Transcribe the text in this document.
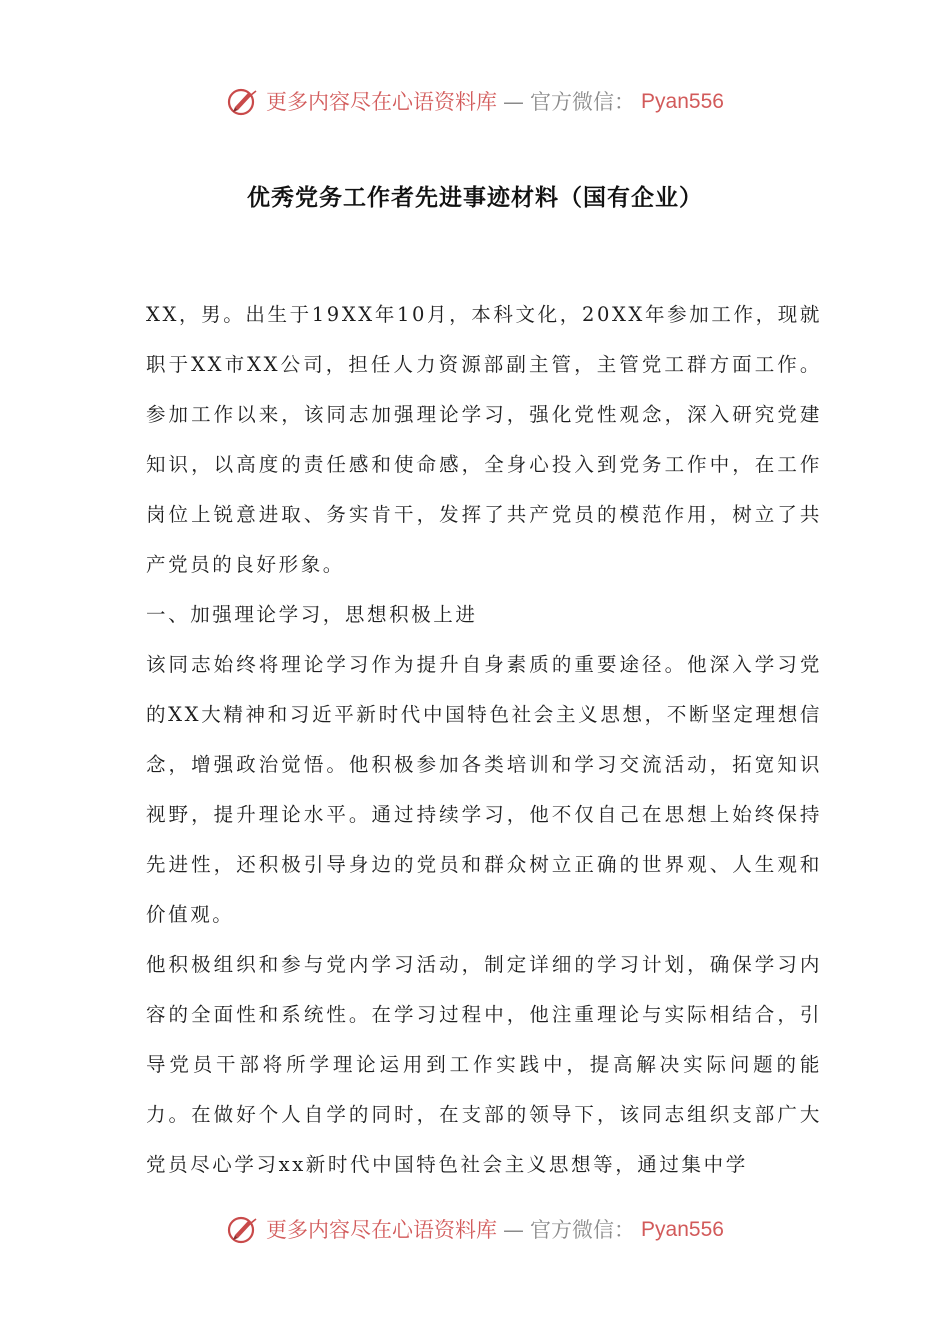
更多内容尽在心语资料库 — 官方微信： Pyan556
优秀党务工作者先进事迹材料（国有企业）

XX，男。出生于19XX年10月，本科文化，20XX年参加工作，现就职于XX市XX公司，担任人力资源部副主管，主管党工群方面工作。参加工作以来，该同志加强理论学习，强化党性观念，深入研究党建知识，以高度的责任感和使命感，全身心投入到党务工作中，在工作岗位上锐意进取、务实肯干，发挥了共产党员的模范作用，树立了共产党员的良好形象。

一、加强理论学习，思想积极上进

该同志始终将理论学习作为提升自身素质的重要途径。他深入学习党的XX大精神和习近平新时代中国特色社会主义思想，不断坚定理想信念，增强政治觉悟。他积极参加各类培训和学习交流活动，拓宽知识视野，提升理论水平。通过持续学习，他不仅自己在思想上始终保持先进性，还积极引导身边的党员和群众树立正确的世界观、人生观和价值观。

他积极组织和参与党内学习活动，制定详细的学习计划，确保学习内容的全面性和系统性。在学习过程中，他注重理论与实际相结合，引导党员干部将所学理论运用到工作实践中，提高解决实际问题的能力。在做好个人自学的同时，在支部的领导下，该同志组织支部广大党员尽心学习xx新时代中国特色社会主义思想等，通过集中学

更多内容尽在心语资料库 — 官方微信： Pyan556
